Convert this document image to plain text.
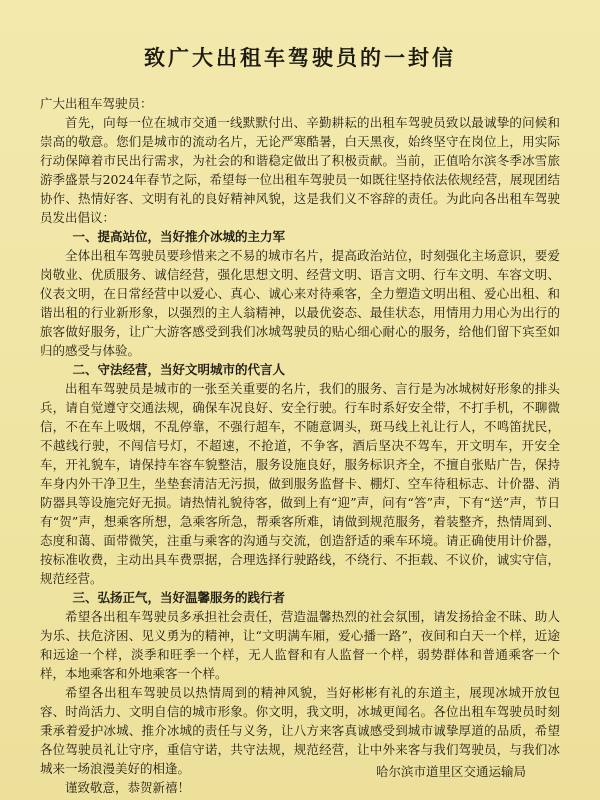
致广大出租车驾驶员的一封信

广大出租车驾驶员：

首先，向每一位在城市交通一线默默付出、辛勤耕耘的出租车驾驶员致以最诚挚的问候和崇高的敬意。您们是城市的流动名片，无论严寒酷暑，白天黑夜，始终坚守在岗位上，用实际行动保障着市民出行需求，为社会的和谐稳定做出了积极贡献。当前，正值哈尔滨冬季冰雪旅游季盛景与2024年春节之际，希望每一位出租车驾驶员一如既往坚持依法依规经营，展现团结协作、热情好客、文明有礼的良好精神风貌，这是我们义不容辞的责任。为此向各出租车驾驶员发出倡议：

一、提高站位，当好推介冰城的主力军

全体出租车驾驶员要珍惜来之不易的城市名片，提高政治站位，时刻强化主场意识，要爱岗敬业、优质服务、诚信经营，强化思想文明、经营文明、语言文明、行车文明、车容文明、仪表文明，在日常经营中以爱心、真心、诚心来对待乘客，全力塑造文明出租、爱心出租、和谐出租的行业新形象，以强烈的主人翁精神，以最优姿态、最佳状态，用情用力用心为出行的旅客做好服务，让广大游客感受到我们冰城驾驶员的贴心细心耐心的服务，给他们留下宾至如归的感受与体验。

二、守法经营，当好文明城市的代言人

出租车驾驶员是城市的一张至关重要的名片，我们的服务、言行是为冰城树好形象的排头兵，请自觉遵守交通法规，确保车况良好、安全行驶。行车时系好安全带，不打手机，不聊微信，不在车上吸烟，不乱停靠，不强行超车，不随意调头，斑马线上礼让行人，不鸣笛扰民，不越线行驶，不闯信号灯，不超速，不抢道，不争客，酒后坚决不驾车，开文明车，开安全车，开礼貌车，请保持车容车貌整洁，服务设施良好，服务标识齐全，不擅自张贴广告，保持车身内外干净卫生，坐垫套清洁无污损，做到服务监督卡、棚灯、空车待租标志、计价器、消防器具等设施完好无损。请热情礼貌待客，做到上有“迎”声，问有“答”声，下有“送”声，节日有“贺”声，想乘客所想，急乘客所急，帮乘客所难，请做到规范服务，着装整齐，热情周到、态度和蔼、面带微笑，注重与乘客的沟通与交流，创造舒适的乘车环境。请正确使用计价器，按标准收费，主动出具车费票据，合理选择行驶路线，不绕行、不拒载、不议价，诚实守信，规范经营。

三、弘扬正气，当好温馨服务的践行者

希望各出租车驾驶员多承担社会责任，营造温馨热烈的社会氛围，请发扬拾金不昧、助人为乐、扶危济困、见义勇为的精神，让“文明满车厢，爱心播一路”，夜间和白天一个样，近途和远途一个样，淡季和旺季一个样，无人监督和有人监督一个样，弱势群体和普通乘客一个样，本地乘客和外地乘客一个样。

希望各出租车驾驶员以热情周到的精神风貌，当好彬彬有礼的东道主，展现冰城开放包容、时尚活力、文明自信的城市形象。你文明，我文明，冰城更闻名。各位出租车驾驶员时刻秉承着爱护冰城、推介冰城的责任与义务，让八方来客真诚感受到城市诚挚厚道的品质，希望各位驾驶员礼让守序，重信守诺，共守法规，规范经营，让中外来客与我们驾驶员，与我们冰城来一场浪漫美好的相逢。

谨致敬意，恭贺新禧！

哈尔滨市道里区交通运输局
